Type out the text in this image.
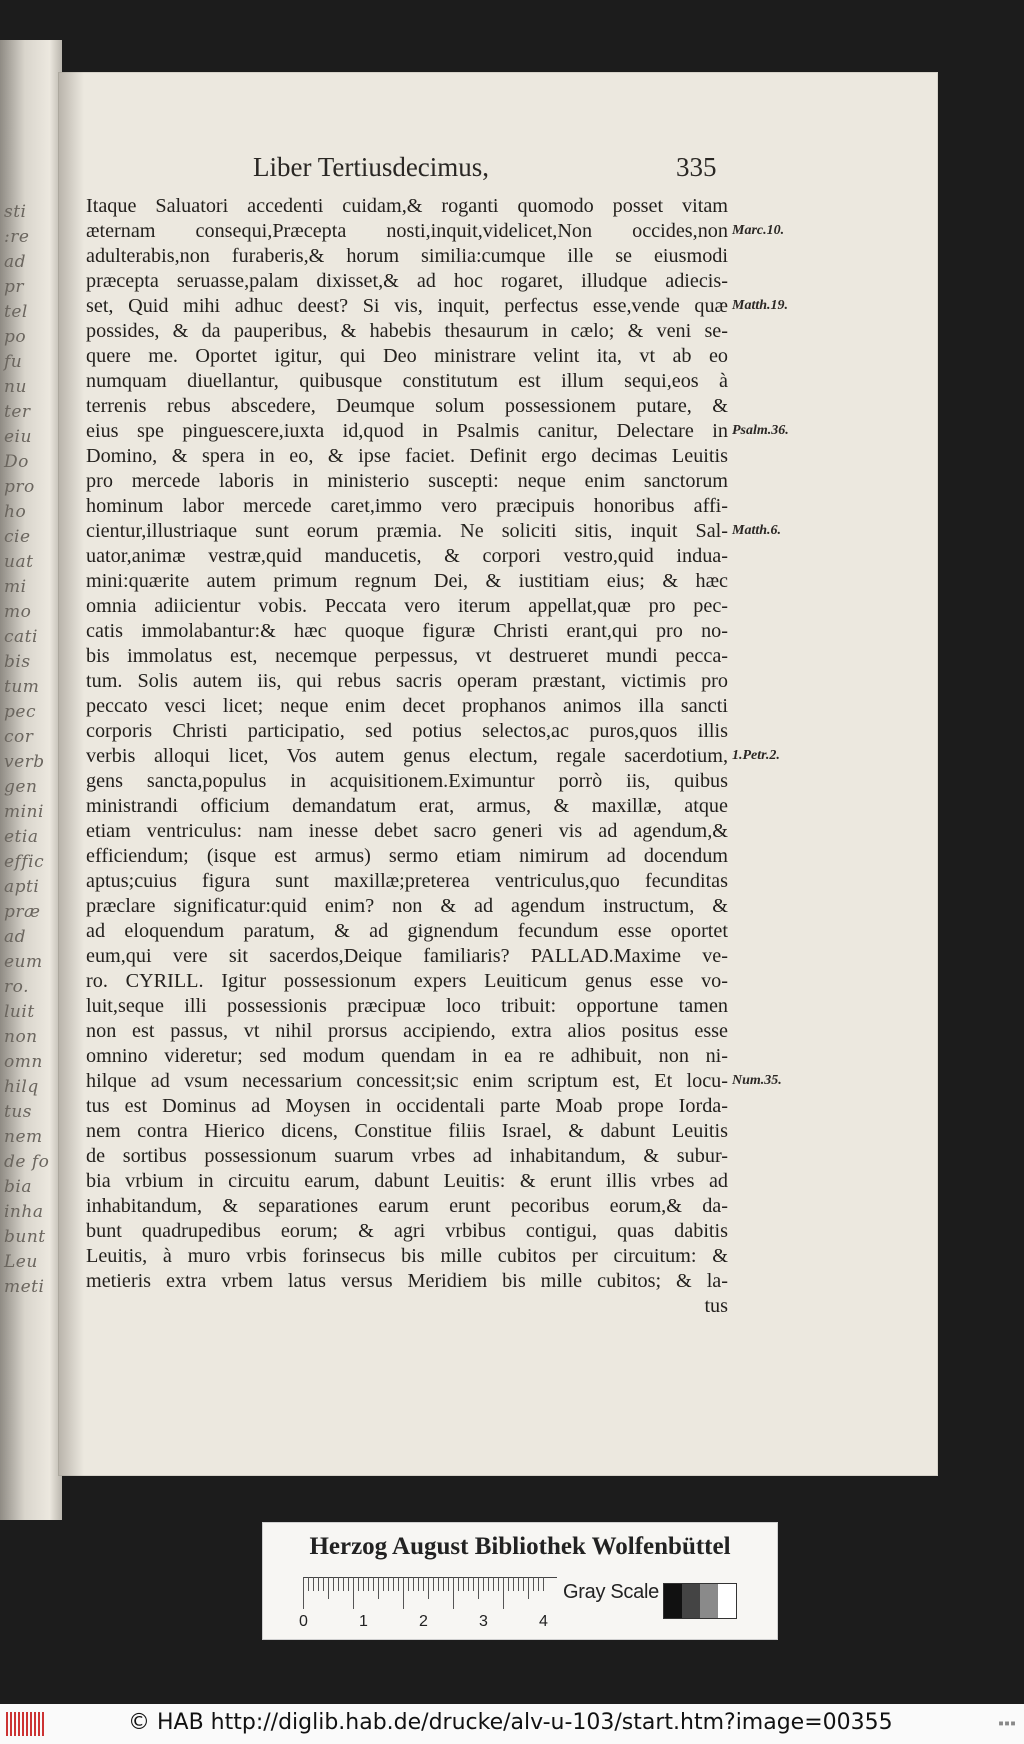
sti
:re
ad
pr
tel
po
fu
nu
ter
eiu
Do
pro
ho
cie
uat
mi
mo
cati
bis
tum
pec
cor
verb
gen
mini
etia
effic
apti
præ
ad
eum
ro.
luit
non
omn
hilq
tus
nem
de fo
bia
inha
bunt
Leu
meti
Liber Tertiusdecimus,	335
Itaque Saluatori accedenti cuidam,& roganti quomodo posset vitam
æternam consequi,Præcepta nosti,inquit,videlicet,Non occides,non
adulterabis,non furaberis,& horum similia:cumque ille se eiusmodi
præcepta seruasse,palam dixisset,& ad hoc rogaret, illudque adiecis-
set, Quid mihi adhuc deest? Si vis, inquit, perfectus esse,vende quæ
possides, & da pauperibus, & habebis thesaurum in cælo; & veni se-
quere me. Oportet igitur, qui Deo ministrare velint ita, vt ab eo
numquam diuellantur, quibusque constitutum est illum sequi,eos à
terrenis rebus abscedere, Deumque solum possessionem putare, &
eius spe pinguescere,iuxta id,quod in Psalmis canitur, Delectare in
Domino, & spera in eo, & ipse faciet. Definit ergo decimas Leuitis
pro mercede laboris in ministerio suscepti: neque enim sanctorum
hominum labor mercede caret,immo vero præcipuis honoribus affi-
cientur,illustriaque sunt eorum præmia. Ne soliciti sitis, inquit Sal-
uator,animæ vestræ,quid manducetis, & corpori vestro,quid indua-
mini:quærite autem primum regnum Dei, & iustitiam eius; & hæc
omnia adiicientur vobis. Peccata vero iterum appellat,quæ pro pec-
catis immolabantur:& hæc quoque figuræ Christi erant,qui pro no-
bis immolatus est, necemque perpessus, vt destrueret mundi pecca-
tum. Solis autem iis, qui rebus sacris operam præstant, victimis pro
peccato vesci licet; neque enim decet prophanos animos illa sancti
corporis Christi participatio, sed potius selectos,ac puros,quos illis
verbis alloqui licet, Vos autem genus electum, regale sacerdotium,
gens sancta,populus in acquisitionem.Eximuntur porrò iis, quibus
ministrandi officium demandatum erat, armus, & maxillæ, atque
etiam ventriculus: nam inesse debet sacro generi vis ad agendum,&
efficiendum; (isque est armus) sermo etiam nimirum ad docendum
aptus;cuius figura sunt maxillæ;preterea ventriculus,quo fecunditas
præclare significatur:quid enim? non & ad agendum instructum, &
ad eloquendum paratum, & ad gignendum fecundum esse oportet
eum,qui vere sit sacerdos,Deique familiaris? PALLAD.Maxime ve-
ro. CYRILL. Igitur possessionum expers Leuiticum genus esse vo-
luit,seque illi possessionis præcipuæ loco tribuit: opportune tamen
non est passus, vt nihil prorsus accipiendo, extra alios positus esse
omnino videretur; sed modum quendam in ea re adhibuit, non ni-
hilque ad vsum necessarium concessit;sic enim scriptum est, Et locu-
tus est Dominus ad Moysen in occidentali parte Moab prope Iorda-
nem contra Hierico dicens, Constitue filiis Israel, & dabunt Leuitis
de sortibus possessionum suarum vrbes ad inhabitandum, & subur-
bia vrbium in circuitu earum, dabunt Leuitis: & erunt illis vrbes ad
inhabitandum, & separationes earum erunt pecoribus eorum,& da-
bunt quadrupedibus eorum; & agri vrbibus contigui, quas dabitis
Leuitis, à muro vrbis forinsecus bis mille cubitos per circuitum: &
metieris extra vrbem latus versus Meridiem bis mille cubitos; & la-
tus
Marc.10.
Matth.19.
Psalm.36.
Matth.6.
1.Petr.2.
Num.35.
Herzog August Bibliothek Wolfenbüttel
0	1	2	3	4
Gray Scale
© HAB http://diglib.hab.de/drucke/alv-u-103/start.htm?image=00355	▪▪▪
